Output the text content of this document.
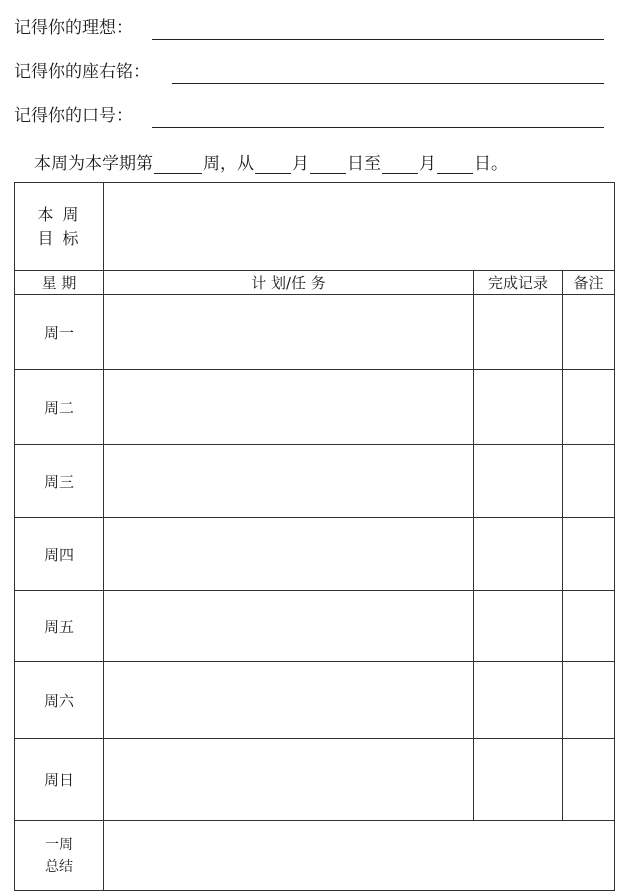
记得你的理想：
记得你的座右铭：
记得你的口号：
本周为本学期第	周，从 月 日至 月 日。
本 周
目 标			

星 期	计 划/任 务	完成记录	备注
周一			
周二			
周三			
周四			
周五			
周六			
周日			

一周
总结			
